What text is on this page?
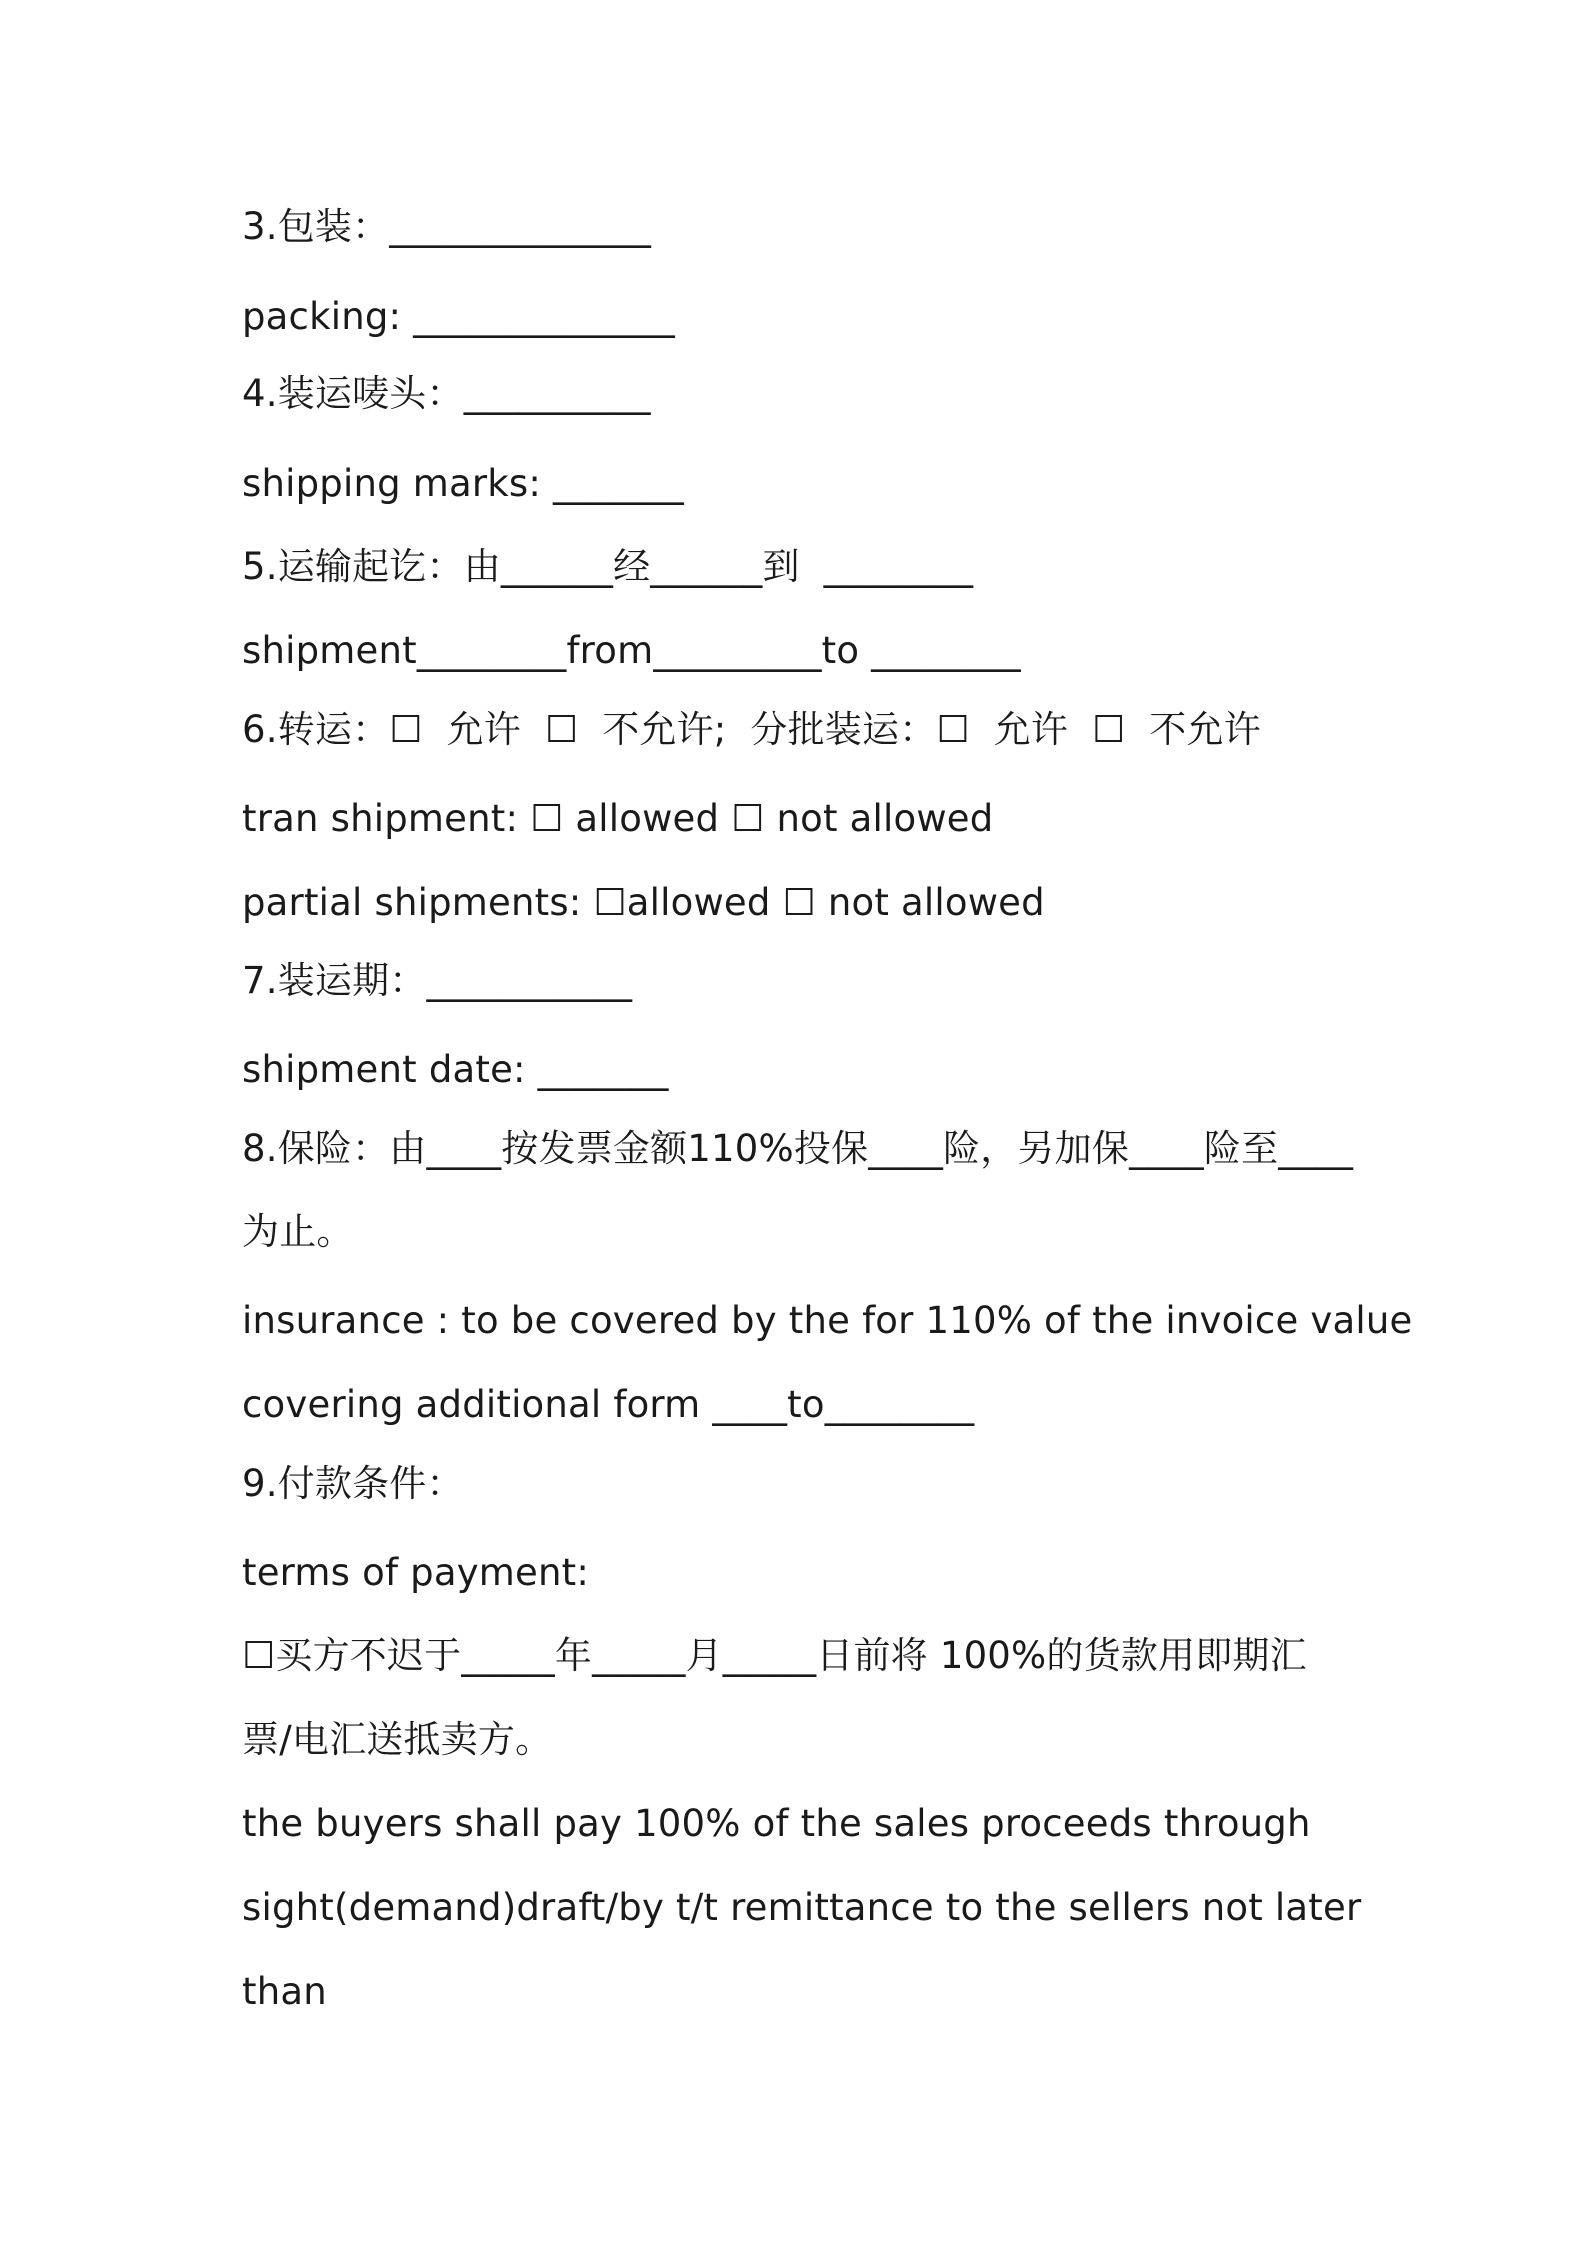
3.包装：______________
packing: ______________
4.装运唛头：__________
shipping marks: _______
5.运输起讫：由______经______到  ________
shipment________from_________to ________
6.转运：☐  允许  ☐  不允许;  分批装运：☐  允许  ☐  不允许
tran shipment: ☐ allowed ☐ not allowed
partial shipments: ☐allowed ☐ not allowed
7.装运期：___________
shipment date: _______
8.保险：由____按发票金额110%投保____险，另加保____险至____
为止。
insurance : to be covered by the for 110% of the invoice value
covering additional form ____to________
9.付款条件：
terms of payment:
☐买方不迟于_____年_____月_____日前将 100%的货款用即期汇
票/电汇送抵卖方。
the buyers shall pay 100% of the sales proceeds through
sight(demand)draft/by t/t remittance to the sellers not later
than
